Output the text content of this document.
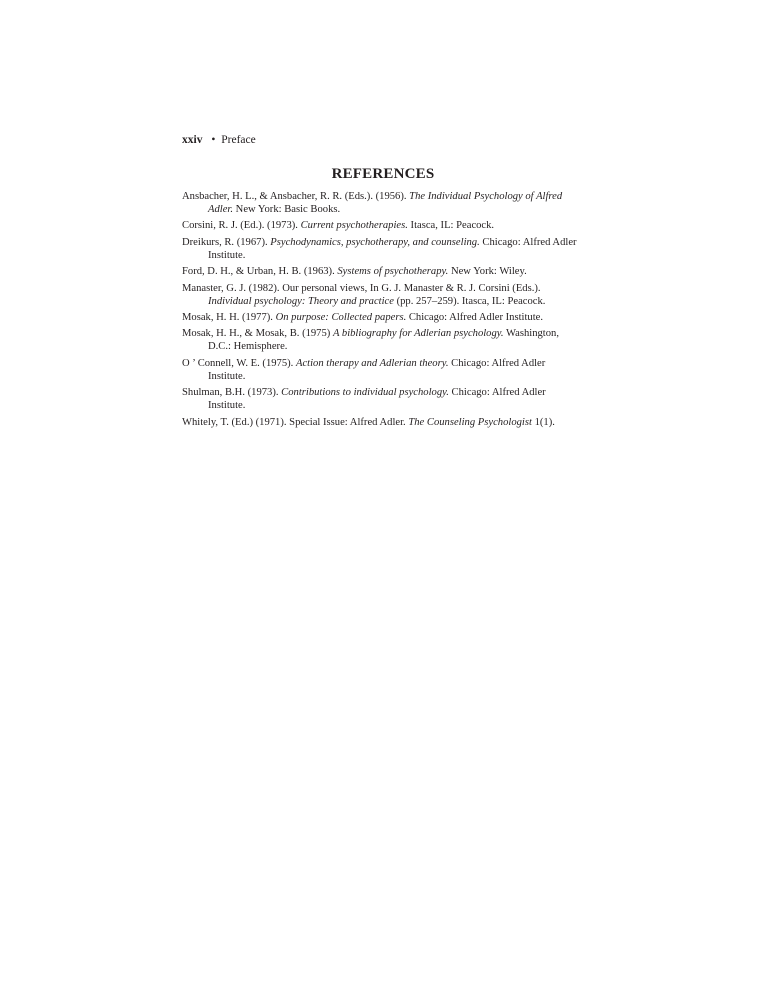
xxiv • Preface
REFERENCES
Ansbacher, H. L., & Ansbacher, R. R. (Eds.). (1956). The Individual Psychology of Alfred Adler. New York: Basic Books.
Corsini, R. J. (Ed.). (1973). Current psychotherapies. Itasca, IL: Peacock.
Dreikurs, R. (1967). Psychodynamics, psychotherapy, and counseling. Chicago: Alfred Adler Institute.
Ford, D. H., & Urban, H. B. (1963). Systems of psychotherapy. New York: Wiley.
Manaster, G. J. (1982). Our personal views, In G. J. Manaster & R. J. Corsini (Eds.). Individual psychology: Theory and practice (pp. 257–259). Itasca, IL: Peacock.
Mosak, H. H. (1977). On purpose: Collected papers. Chicago: Alfred Adler Institute.
Mosak, H. H., & Mosak, B. (1975) A bibliography for Adlerian psychology. Washington, D.C.: Hemisphere.
O ’ Connell, W. E. (1975). Action therapy and Adlerian theory. Chicago: Alfred Adler Institute.
Shulman, B.H. (1973). Contributions to individual psychology. Chicago: Alfred Adler Institute.
Whitely, T. (Ed.) (1971). Special Issue: Alfred Adler. The Counseling Psychologist 1(1).
